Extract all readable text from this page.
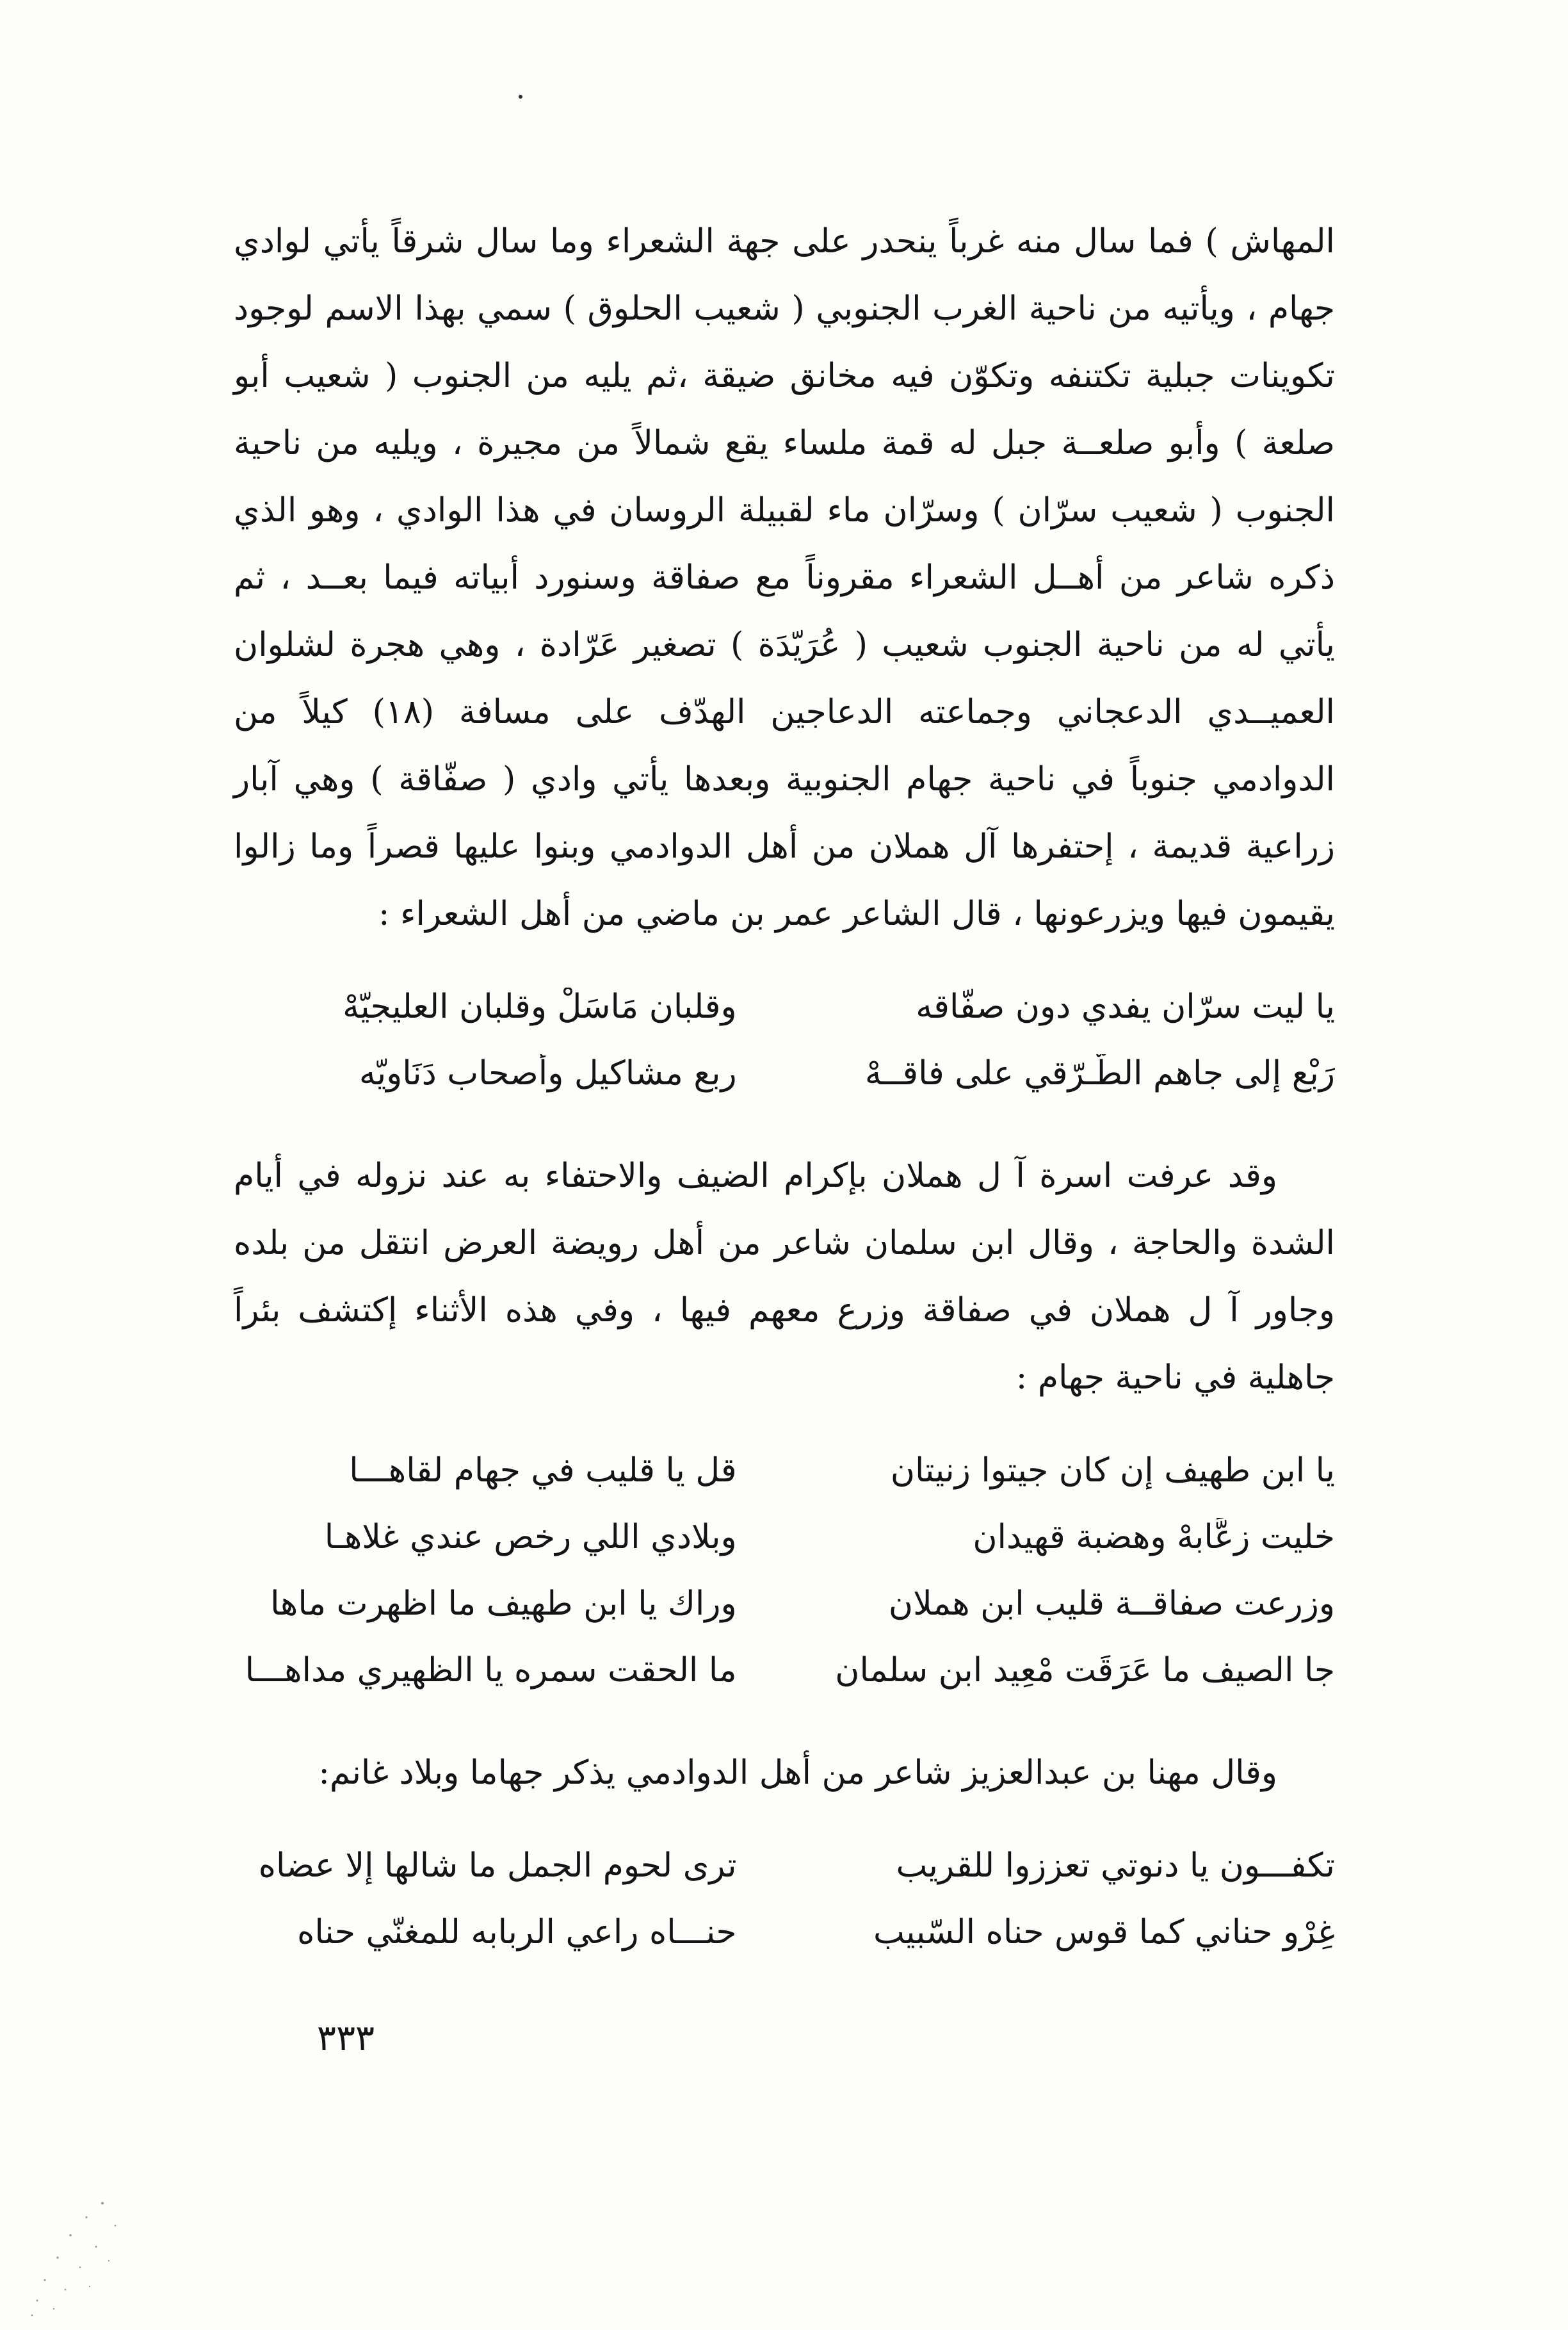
المهاش ) فما سال منه غرباً ينحدر على جهة الشعراء وما سال شرقاً يأتي لوادي جهام ، ويأتيه من ناحية الغرب الجنوبي ( شعيب الحلوق ) سمي بهذا الاسم لوجود تكوينات جبلية تكتنفه وتكوّن فيه مخانق ضيقة ،ثم يليه من الجنوب ( شعيب أبو صلعة ) وأبو صلعــة جبل له قمة ملساء يقع شمالاً من مجيرة ، ويليه من ناحية الجنوب ( شعيب سرّان ) وسرّان ماء لقبيلة الروسان في هذا الوادي ، وهو الذي ذكره شاعر من أهــل الشعراء مقروناً مع صفاقة وسنورد أبياته فيما بعــد ، ثم يأتي له من ناحية الجنوب شعيب ( عُرَيّدَة ) تصغير عَرّادة ، وهي هجرة لشلوان العميــدي الدعجاني وجماعته الدعاجين الهدّف على مسافة (١٨) كيلاً من الدوادمي جنوباً في ناحية جهام الجنوبية وبعدها يأتي وادي ( صفّاقة ) وهي آبار زراعية قديمة ، إحتفرها آل هملان من أهل الدوادمي وبنوا عليها قصراً وما زالوا يقيمون فيها ويزرعونها ، قال الشاعر عمر بن ماضي من أهل الشعراء :

يا ليت سرّان يفدي دون صفّاقه
وقلبان مَاسَلْ وقلبان العليجيّهْ
رَبْع إلى جاهم الطّـرّقي على فاقــهْ
ربع مشاكيل وأصحاب دَنَاويّه

وقد عرفت اسرة آ ل هملان بإكرام الضيف والاحتفاء به عند نزوله في أيام الشدة والحاجة ، وقال ابن سلمان شاعر من أهل رويضة العرض انتقل من بلده وجاور آ ل هملان في صفاقة وزرع معهم فيها ، وفي هذه الأثناء إكتشف بئراً جاهلية في ناحية جهام :

يا ابن طهيف إن كان جيتوا زنيتان
قل يا قليب في جهامٍ لقاهـــا
خليت زعَّابهْ وهضبة قهيدان
وبلادي اللي رخص عندي غلاهـا
وزرعت صفاقــة قليب ابن هملان
وراك يا ابن طهيف ما اظهرت ماها
جا الصيف ما عَرَقَت مْعِيد ابن سلمان
ما الحقت سمره يا الظهيري مداهـــا

وقال مهنا بن عبدالعزيز شاعر من أهل الدوادمي يذكر جهاما وبلاد غانم:

تكفـــون يا دنوتي تعززوا للقريب
ترى لحوم الجمل ما شالها إلا عضاه
غِرْوٍ حناني كما قوس حناه السّبيب
حنـــاه راعي الربابه للمغنّي حناه
٣٣٣
